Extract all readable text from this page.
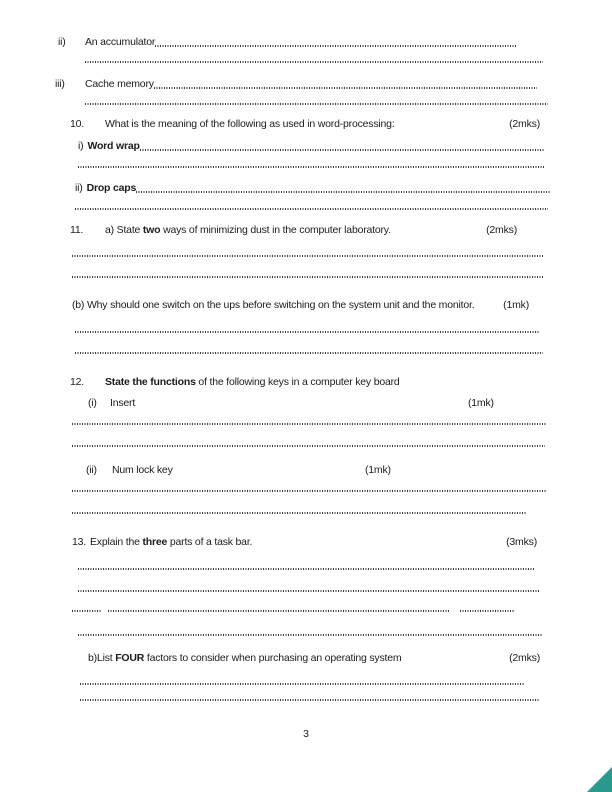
ii)	An accumulator
iii)	Cache memory
10.	What is the meaning of the following as used in word-processing:	(2mks)
i) Word wrap
ii) Drop caps
11.	a) State two ways of minimizing dust in the computer laboratory.	(2mks)
(b) Why should one switch on the ups before switching on the system unit and the monitor.	(1mk)
12.	State the functions of the following keys in a computer key board
(i)	Insert	(1mk)
(ii)	Num lock key	(1mk)
13. Explain the three parts of a task bar.	(3mks)
b)List FOUR factors to consider when purchasing an operating system	(2mks)
3
